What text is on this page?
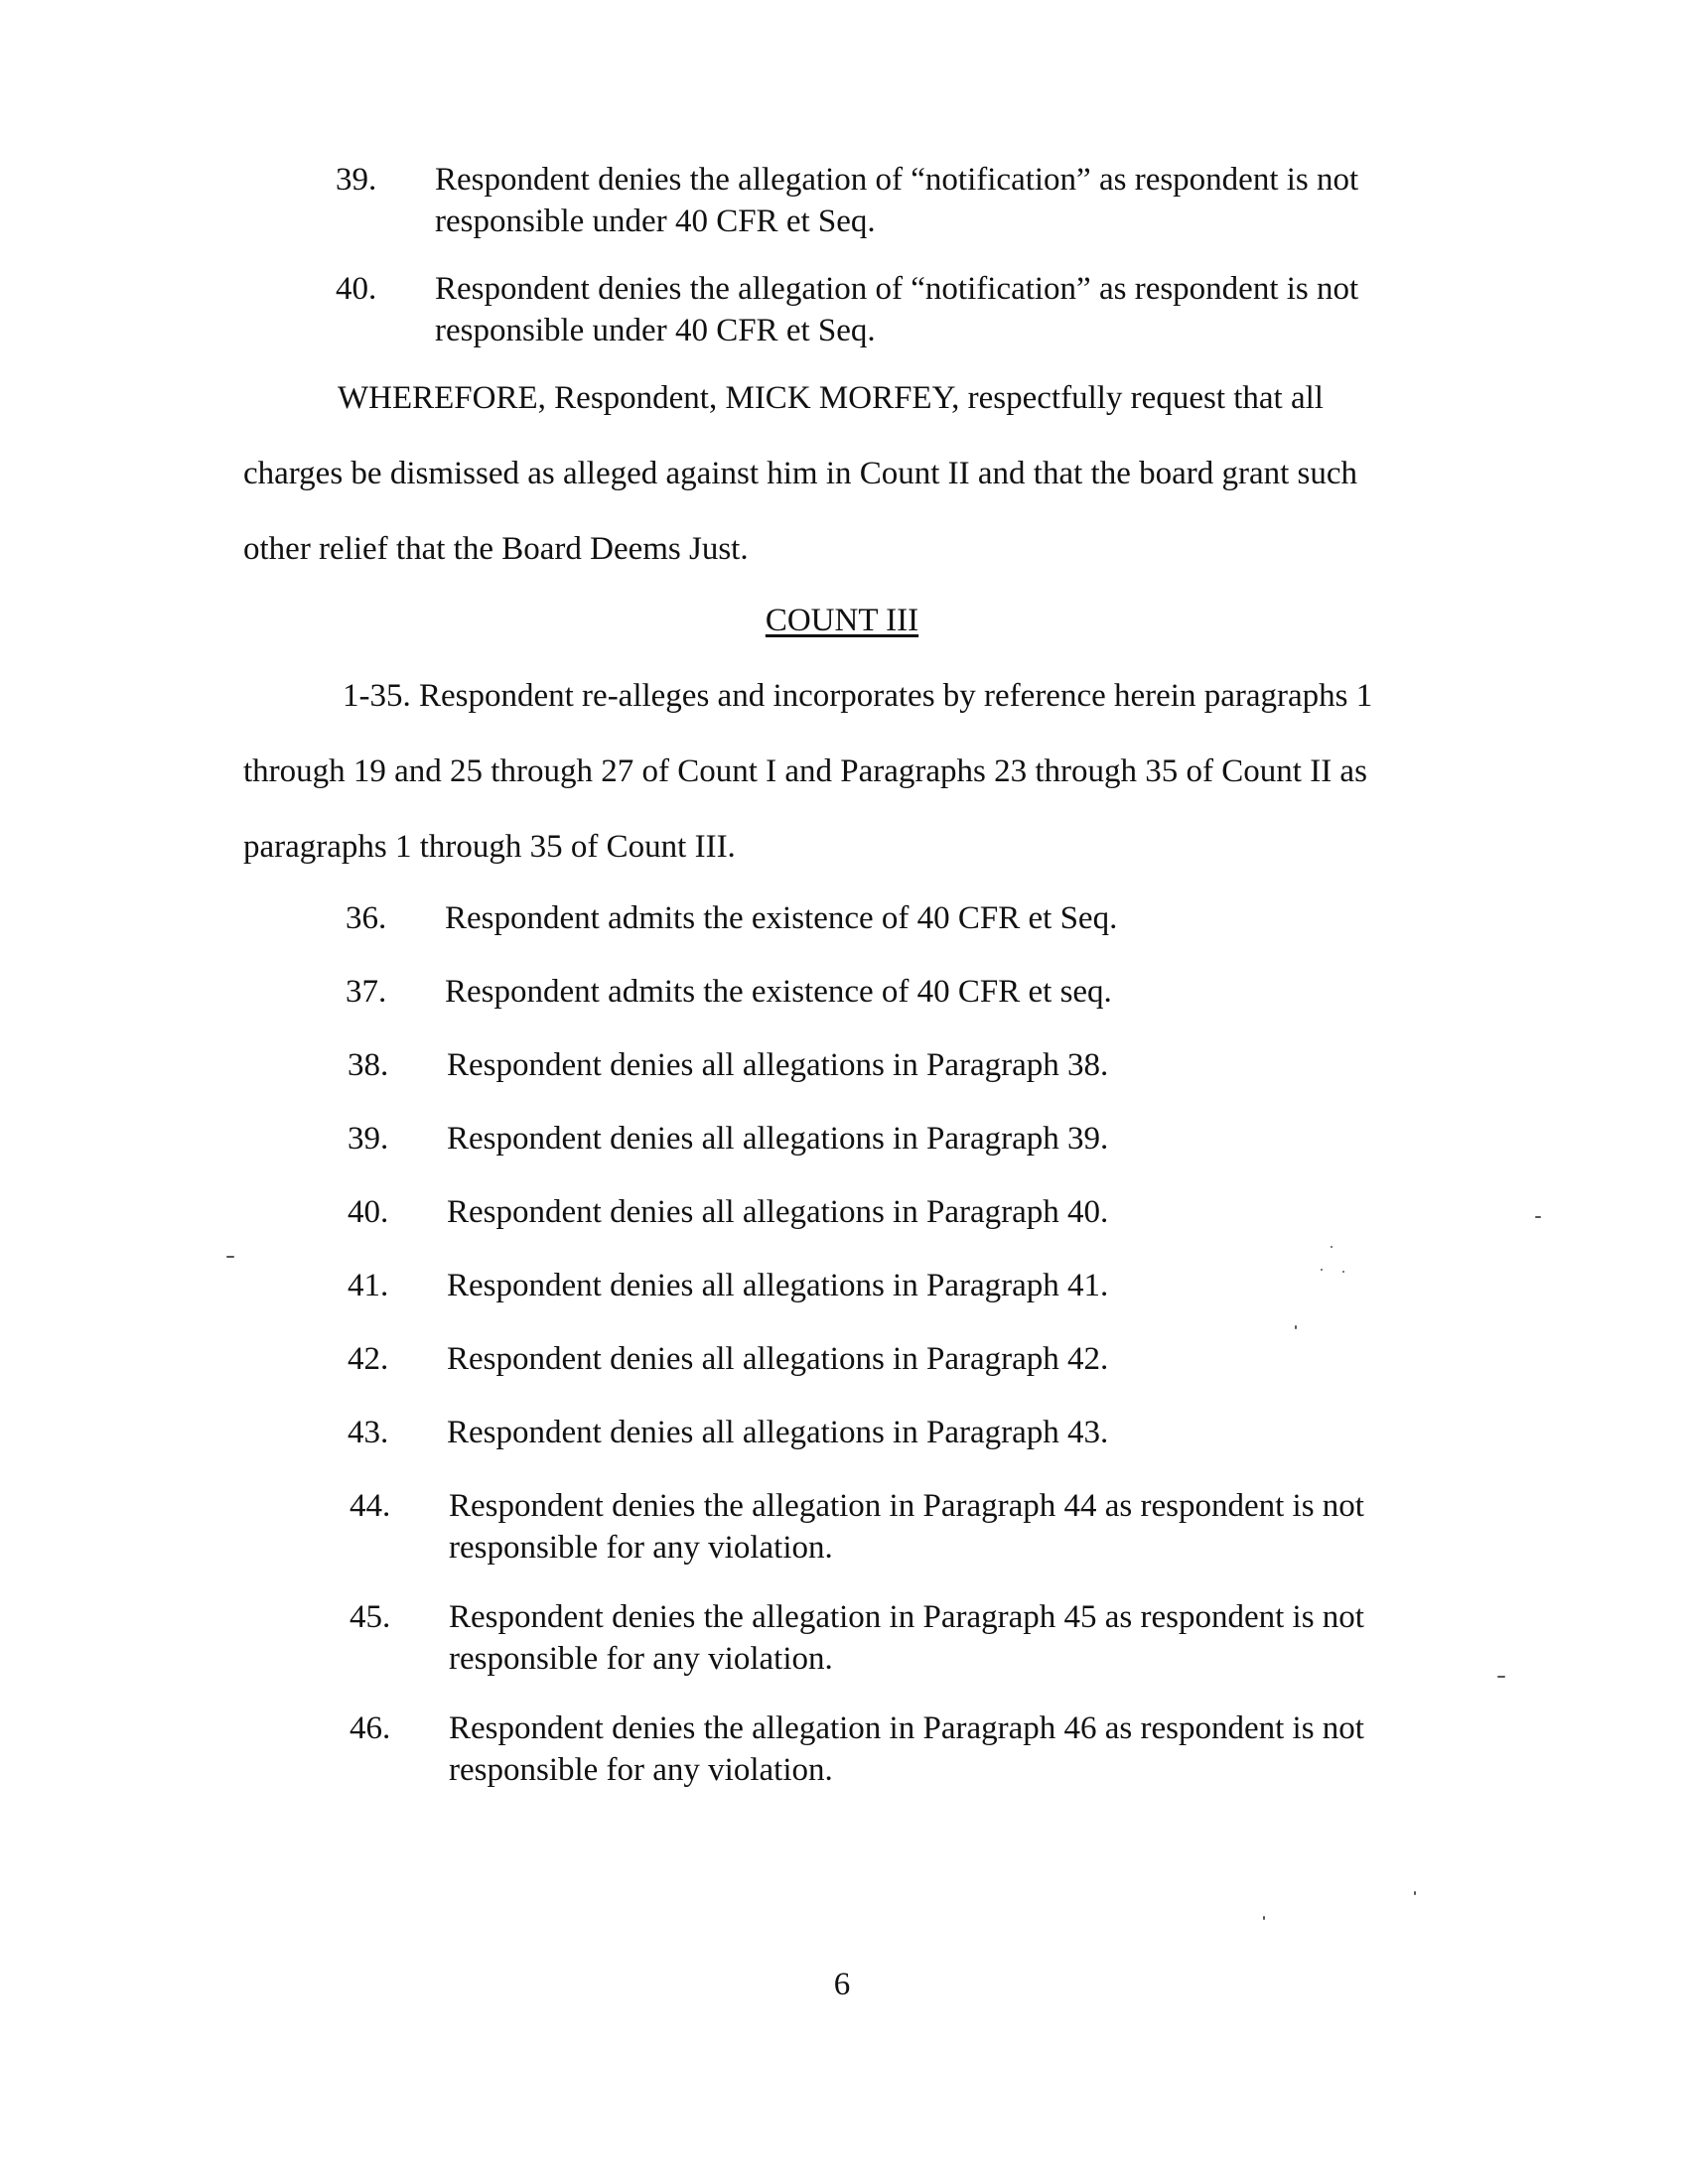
39.	Respondent denies the allegation of “notification” as respondent is not responsible under 40 CFR et Seq.
40.	Respondent denies the allegation of “notification” as respondent is not responsible under 40 CFR et Seq.
WHEREFORE, Respondent, MICK MORFEY, respectfully request that all
charges be dismissed as alleged against him in Count II and that the board grant such
other relief that the Board Deems Just.
COUNT III
1-35. Respondent re-alleges and incorporates by reference herein paragraphs 1
through 19 and 25 through 27 of Count I and Paragraphs 23 through 35 of Count II as
paragraphs 1 through 35 of Count III.
36.	Respondent admits the existence of 40 CFR et Seq.
37.	Respondent admits the existence of 40 CFR et seq.
38.	Respondent denies all allegations in Paragraph 38.
39.	Respondent denies all allegations in Paragraph 39.
40.	Respondent denies all allegations in Paragraph 40.
41.	Respondent denies all allegations in Paragraph 41.
42.	Respondent denies all allegations in Paragraph 42.
43.	Respondent denies all allegations in Paragraph 43.
44.	Respondent denies the allegation in Paragraph 44 as respondent is not responsible for any violation.
45.	Respondent denies the allegation in Paragraph 45 as respondent is not responsible for any violation.
46.	Respondent denies the allegation in Paragraph 46 as respondent is not responsible for any violation.
6
